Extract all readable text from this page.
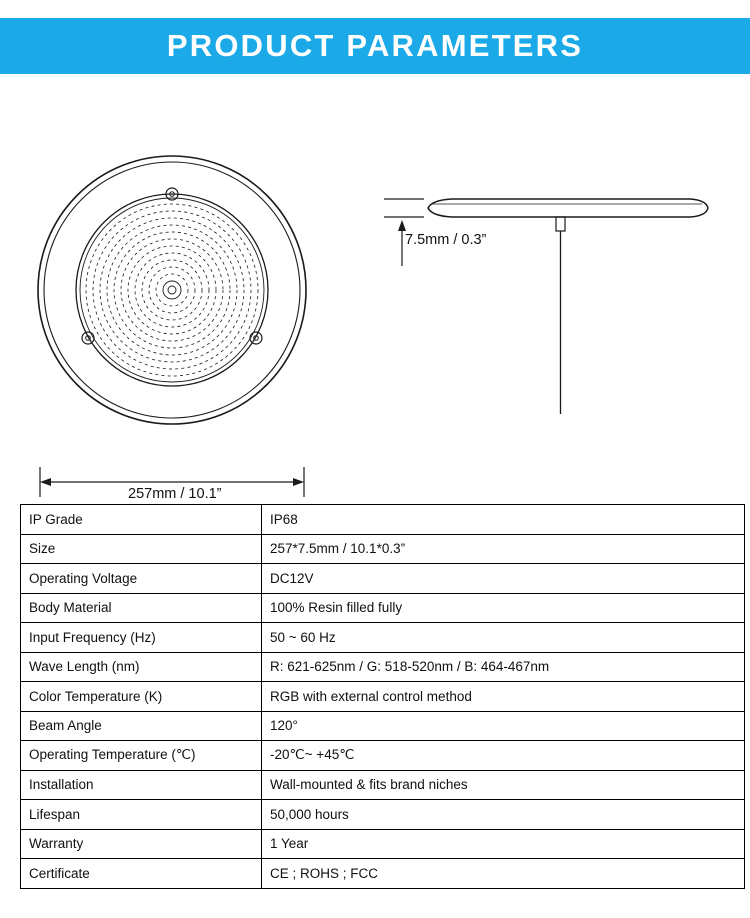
PRODUCT PARAMETERS
257mm / 10.1”
7.5mm / 0.3”
IP Grade	IP68
Size	257*7.5mm / 10.1*0.3”
Operating Voltage	DC12V
Body Material	100% Resin filled fully
Input Frequency (Hz)	50 ~ 60 Hz
Wave Length (nm)	R: 621-625nm / G: 518-520nm / B: 464-467nm
Color Temperature (K)	RGB with external control method
Beam Angle	120°
Operating Temperature (℃)	-20℃~ +45℃
Installation	Wall-mounted & fits brand niches
Lifespan	50,000 hours
Warranty	1 Year
Certificate	CE ; ROHS ; FCC
